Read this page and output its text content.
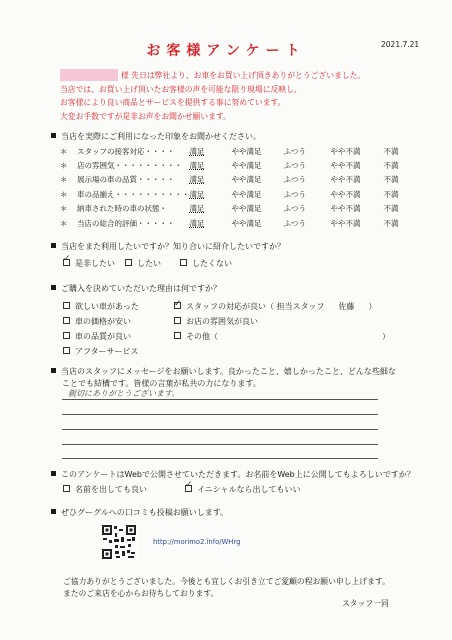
お客様アンケート	2021.7.21
様 先日は弊社より、お車をお買い上げ頂きありがとうございました。
当店では、お買い上げ頂いたお客様の声を可能な限り現場に反映し、
お客様により良い商品とサービスを提供する事に努めています。
大変お手数ですが是非お声をお聞かせ願います。
当店を実際にご利用になった印象をお聞かせください。
＊	スタッフの接客対応・・・・	満足	やや満足	ふつう	やや不満	不満
＊	店の雰囲気・・・・・・・・・	満足	やや満足	ふつう	やや不満	不満
＊	展示場の車の品質・・・・・	満足	やや満足	ふつう	やや不満	不満
＊	車の品揃え・・・・・・・・・・	満足	やや満足	ふつう	やや不満	不満
＊	納車された時の車の状態・	満足	やや満足	ふつう	やや不満	不満
＊	当店の総合的評価・・・・・	満足	やや満足	ふつう	やや不満	不満
当店をまた利用したいですか？知り合いに紹介したいですか？
✓是非したい	したい	したくない
ご購入を決めていただいた理由は何ですか？
欲しい車があった
車の価格が安い
車の品質が良い
アフターサービス
✓スタッフの対応が良い（ 担当スタッフ 佐藤 ）
お店の雰囲気が良い
その他（	）
当店のスタッフにメッセージをお願いします。良かったこと、嬉しかったこと、どんな些細な
ことでも結構です。皆様の言葉が私共の力になります。
親切にありがとうございます。
このアンケートはWebで公開させていただきます。お名前をWeb上に公開してもよろしいですか？
名前を出しても良い ✓	イニシャルなら出してもいい
ぜひグーグルへの口コミも投稿お願いします。
http://morimo2.info/WHrg
ご協力ありがとうございました。今後とも宜しくお引き立てご愛顧の程お願い申し上げます。
またのご来店を心からお待ちしております。
スタッフ一同
